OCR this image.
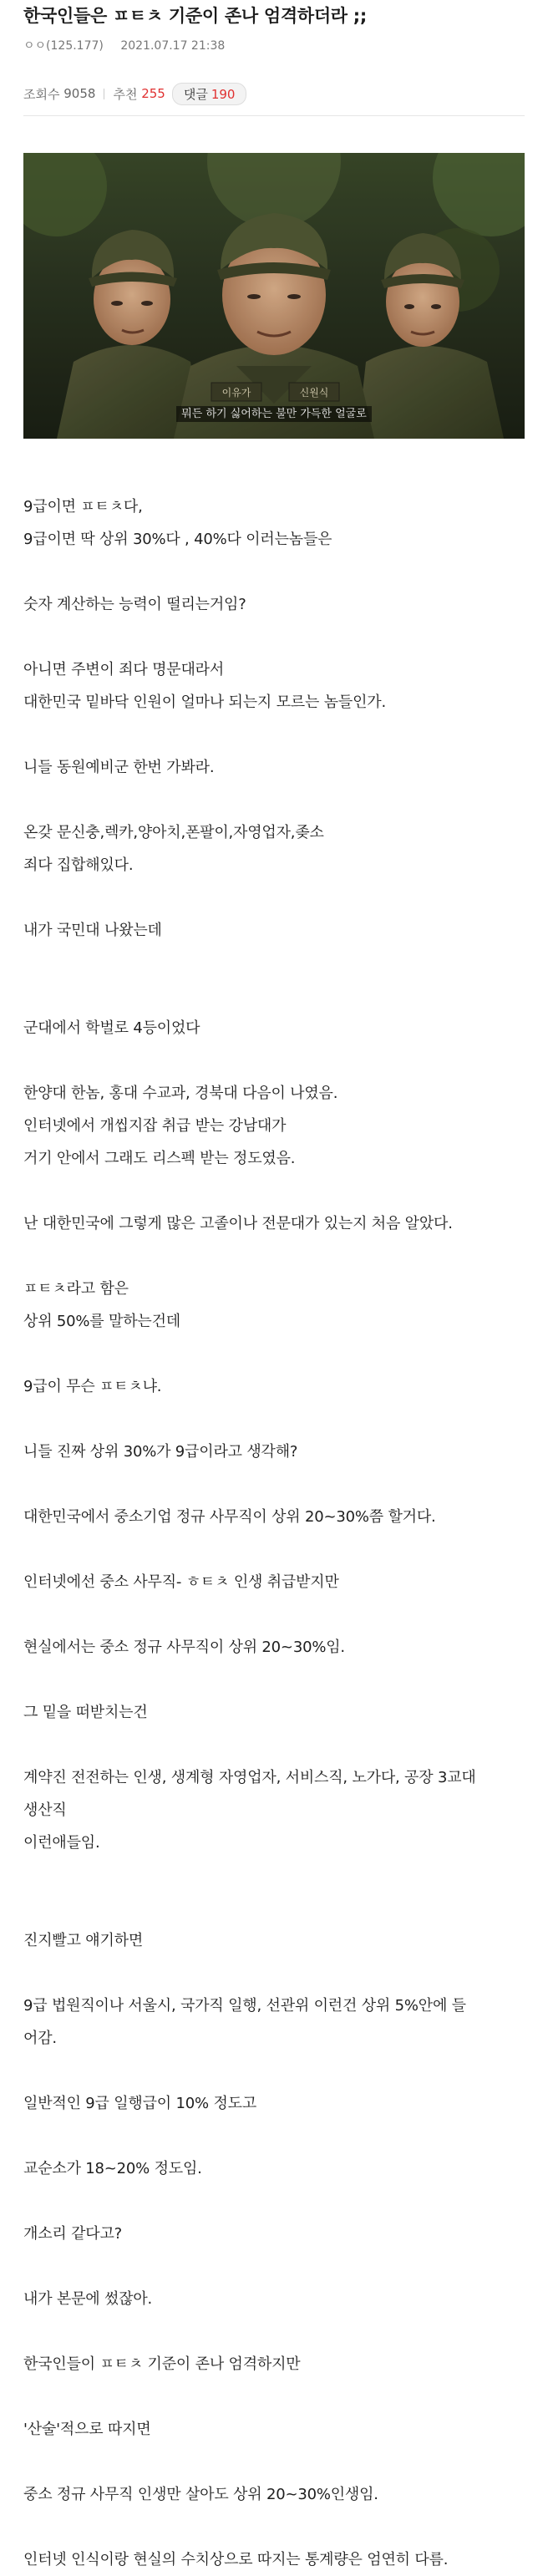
한국인들은 ㅍㅌㅊ 기준이 존나 엄격하더라 ;;
ㅇㅇ(125.177) 2021.07.17 21:38
조회수
9058 추천
255	댓글 190
이유가	신원식
뭐든 하기 싫어하는 불만 가득한 얼굴로
9급이면 ㅍㅌㅊ다,
9급이면 딱 상위 30%다 , 40%다 이러는놈들은
숫자 계산하는 능력이 떨리는거임?
아니면 주변이 죄다 명문대라서
대한민국 밑바닥 인원이 얼마나 되는지 모르는 놈들인가.
니들 동원예비군 한번 가봐라.
온갖 문신충,렉카,양아치,폰팔이,자영업자,좆소
죄다 집합해있다.
내가 국민대 나왔는데
군대에서 학벌로 4등이었다
한양대 한놈, 홍대 수교과, 경북대 다음이 나였음.
인터넷에서 개씹지잡 취급 받는 강남대가
거기 안에서 그래도 리스펙 받는 정도였음.
난 대한민국에 그렇게 많은 고졸이나 전문대가 있는지 처음 알았다.
ㅍㅌㅊ라고 함은
상위 50%를 말하는건데
9급이 무슨 ㅍㅌㅊ냐.
니들 진짜 상위 30%가 9급이라고 생각해?
대한민국에서 중소기업 정규 사무직이 상위 20~30%쯤 할거다.
인터넷에선 중소 사무직- ㅎㅌㅊ 인생 취급받지만
현실에서는 중소 정규 사무직이 상위 20~30%임.
그 밑을 떠받치는건
계약진 전전하는 인생, 생계형 자영업자, 서비스직, 노가다, 공장 3교대
생산직
이런애들임.
진지빨고 얘기하면
9급 법원직이나 서울시, 국가직 일행, 선관위 이런건 상위 5%안에 들
어감.
일반적인 9급 일행급이 10% 정도고
교순소가 18~20% 정도임.
개소리 같다고?
내가 본문에 썼잖아.
한국인들이 ㅍㅌㅊ 기준이 존나 엄격하지만
'산술'적으로 따지면
중소 정규 사무직 인생만 살아도 상위 20~30%인생임.
인터넷 인식이랑 현실의 수치상으로 따지는 통계량은 엄연히 다름.
